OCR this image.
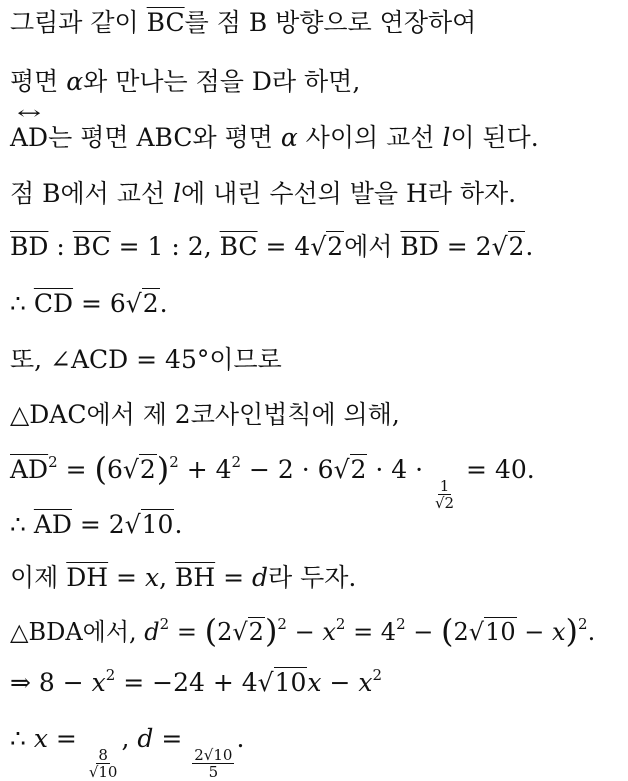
그림과 같이 $\overline{BC}$를 점 B 방향으로 연장하여
평면 α와 만나는 점을 D라 하면,
↔ AD는 평면 ABC와 평면 α 사이의 교선 l이 된다.
점 B에서 교선 l에 내린 수선의 발을 H라 하자.
$\overline{BD}$ : $\overline{BC} = 1$ : 2, $\overline{BC} = 4√2$에서 $\overline{BD} = 2√2$.
∴ $\overline{CD} = 6√2$.
또, ∠ACD = 45°이므로
△DAC에서 제 2코사인법칙에 의해,
$\overline{AD}^2 = (6√2)^2 + 4^2 - 2 \cdot 6√2 \cdot 4$ ·
$\frac{1}{√2}$
= 40.
∴ $\overline{AD} = 2√10$.
이제 $\overline{DH} = x$, $\overline{BH} = d$라 두자.
△BDA에서, $d^2 = (2√2)^2 - x^2 = 4^2 - (2√10 - x)^2$.
⇒ $8 - x^2 = -24 + 4√10x - x^2$
∴ x =
$\frac{8}{√10}$
, d =
$\frac{2√10}{5}$
.
